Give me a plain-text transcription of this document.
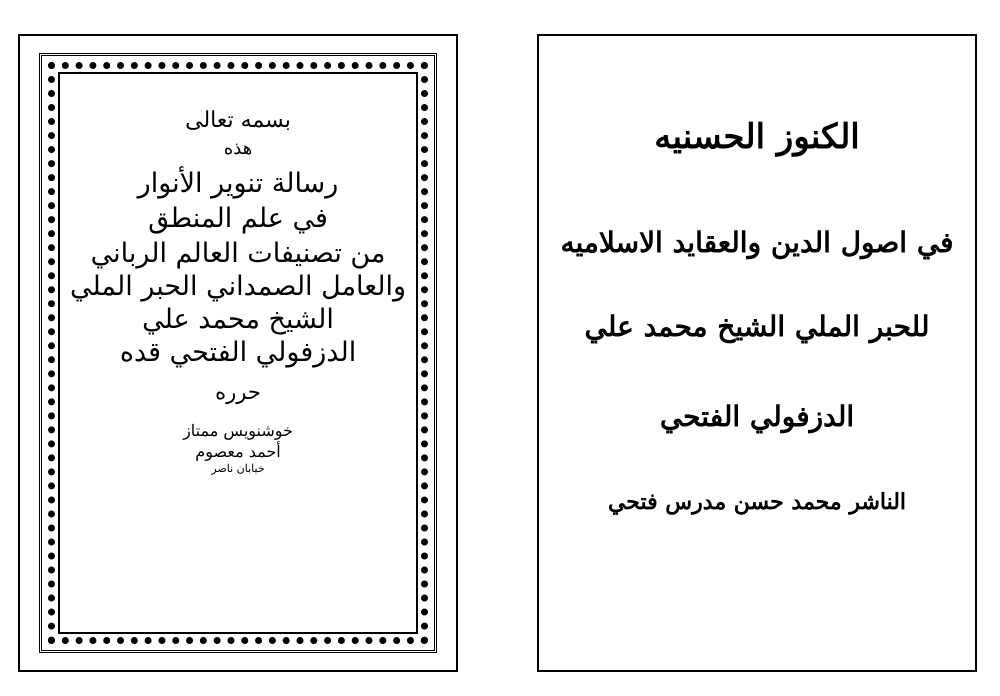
بسمه تعالى
هذه
رسالة تنوير الأنوار
في علم المنطق
من تصنيفات العالم الرباني
والعامل الصمداني الحبر الملي
الشيخ محمد علي
الدزفولي الفتحي قده
حرره
خوشنويس ممتاز
أحمد معصوم
خيابان ناصر
الكنوز الحسنيه
في اصول الدين والعقايد الاسلاميه
للحبر الملي الشيخ محمد علي
الدزفولي الفتحي
الناشر محمد حسن مدرس فتحي
